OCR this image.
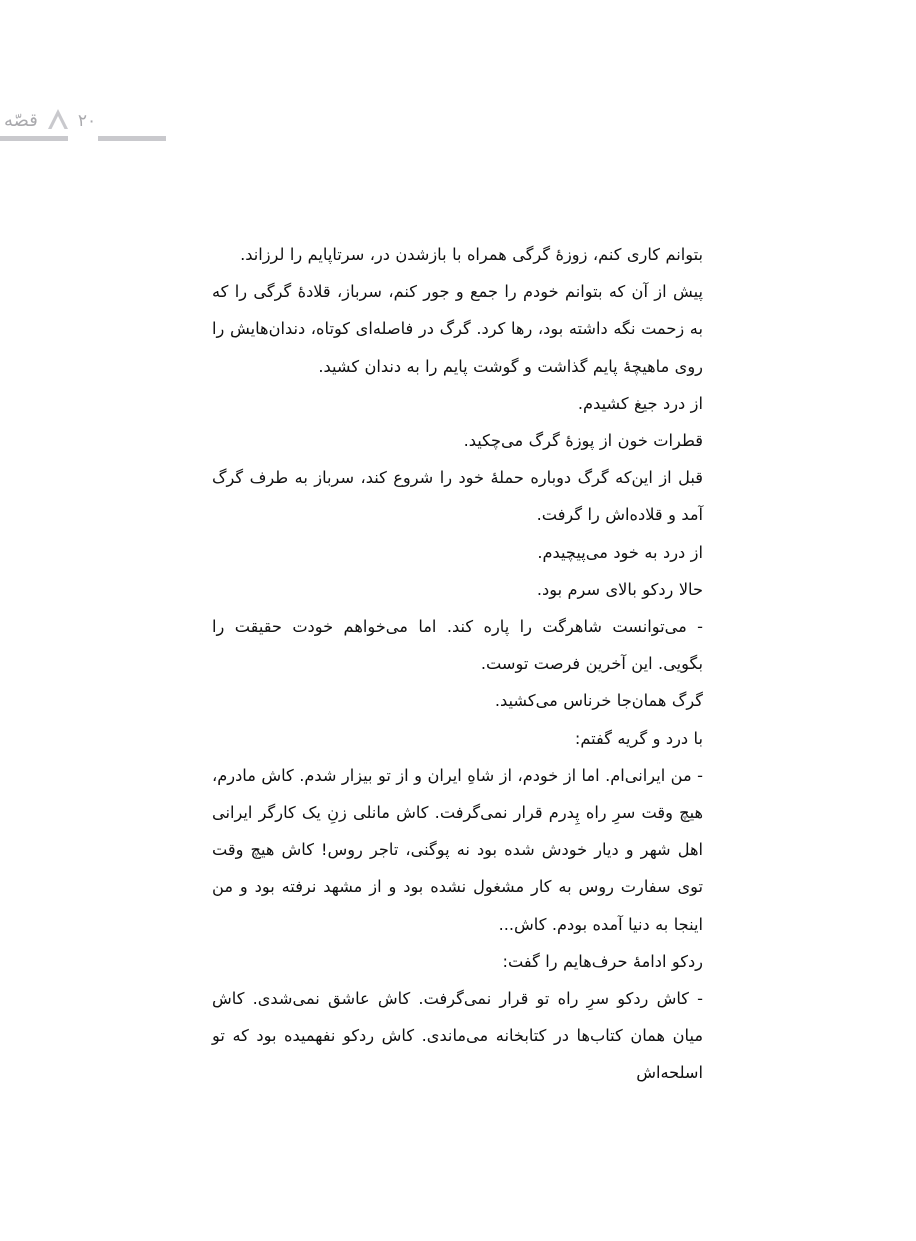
قصّه	۲۰

بتوانم کاری کنم، زوزهٔ گرگی همراه با بازشدن در، سرتاپایم را لرزاند.

پیش از آن که بتوانم خودم را جمع و جور کنم، سرباز، قلادهٔ گرگی را که به زحمت نگه داشته بود، رها کرد. گرگ در فاصله‌ای کوتاه، دندان‌هایش را روی ماهیچهٔ پایم گذاشت و گوشت پایم را به دندان کشید.

از درد جیغ کشیدم.

قطرات خون از پوزهٔ گرگ می‌چکید.

قبل از این‌که گرگ دوباره حملهٔ خود را شروع کند، سرباز به طرف گرگ آمد و قلاده‌اش را گرفت.

از درد به خود می‌پیچیدم.

حالا ردکو بالای سرم بود.

- می‌توانست شاهرگت را پاره کند. اما می‌خواهم خودت حقیقت را بگویی. این آخرین فرصت توست.

گرگ همان‌جا خرناس می‌کشید.

با درد و گریه گفتم:

- من ایرانی‌ام. اما از خودم، از شاهِ ایران و از تو بیزار شدم. کاش مادرم، هیچ وقت سرِ راه پِدرم قرار نمی‌گرفت. کاش مانلی زنِ یک کارگر ایرانی اهل شهر و دیار خودش شده بود نه پوگنی، تاجر روس! کاش هیچ وقت توی سفارت روس به کار مشغول نشده بود و از مشهد نرفته بود و من اینجا به دنیا آمده بودم. کاش...

ردکو ادامهٔ حرف‌هایم را گفت:

- کاش ردکو سرِ راه تو قرار نمی‌گرفت. کاش عاشق نمی‌شدی. کاش میان همان کتاب‌ها در کتابخانه می‌ماندی. کاش ردکو نفهمیده بود که تو اسلحه‌اش
